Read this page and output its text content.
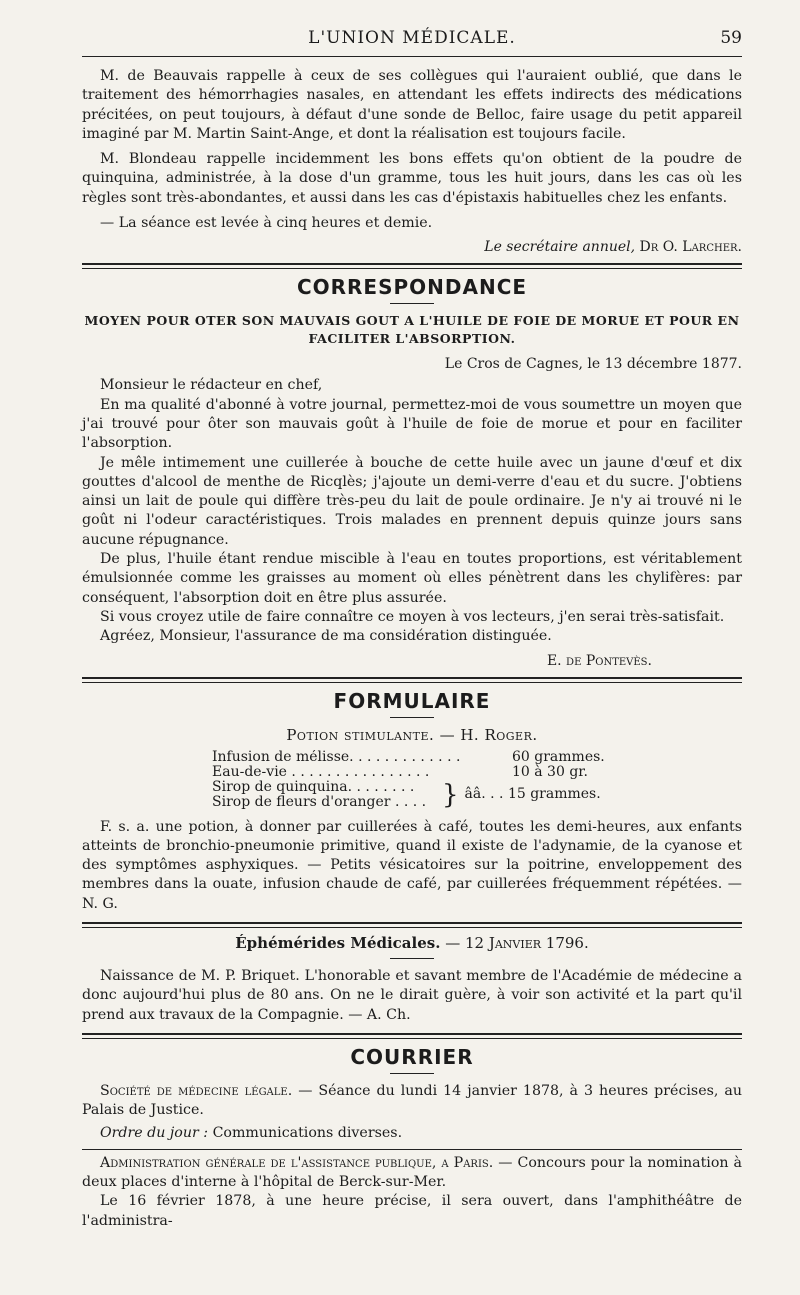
L'UNION MÉDICALE.	59

M. de Beauvais rappelle à ceux de ses collègues qui l'auraient oublié, que dans le traitement des hémorrhagies nasales, en attendant les effets indirects des médications précitées, on peut toujours, à défaut d'une sonde de Belloc, faire usage du petit appareil imaginé par M. Martin Saint-Ange, et dont la réalisation est toujours facile.

M. Blondeau rappelle incidemment les bons effets qu'on obtient de la poudre de quinquina, administrée, à la dose d'un gramme, tous les huit jours, dans les cas où les règles sont très-abondantes, et aussi dans les cas d'épistaxis habituelles chez les enfants.

— La séance est levée à cinq heures et demie.

Le secrétaire annuel, Dr O. Larcher.
CORRESPONDANCE
MOYEN POUR OTER SON MAUVAIS GOUT A L'HUILE DE FOIE DE MORUE ET POUR EN FACILITER L'ABSORPTION.
Le Cros de Cagnes, le 13 décembre 1877.

Monsieur le rédacteur en chef,

En ma qualité d'abonné à votre journal, permettez-moi de vous soumettre un moyen que j'ai trouvé pour ôter son mauvais goût à l'huile de foie de morue et pour en faciliter l'absorption.

Je mêle intimement une cuillerée à bouche de cette huile avec un jaune d'œuf et dix gouttes d'alcool de menthe de Ricqlès; j'ajoute un demi-verre d'eau et du sucre. J'obtiens ainsi un lait de poule qui diffère très-peu du lait de poule ordinaire. Je n'y ai trouvé ni le goût ni l'odeur caractéristiques. Trois malades en prennent depuis quinze jours sans aucune répugnance.

De plus, l'huile étant rendue miscible à l'eau en toutes proportions, est véritablement émulsionnée comme les graisses au moment où elles pénètrent dans les chylifères: par conséquent, l'absorption doit en être plus assurée.

Si vous croyez utile de faire connaître ce moyen à vos lecteurs, j'en serai très-satisfait.

Agréez, Monsieur, l'assurance de ma considération distinguée.

E. de Pontevès.
FORMULAIRE
Potion stimulante. — H. Roger.
Infusion de mélisse. . . . . . . . . . . . .	60 grammes.
Eau-de-vie . . . . . . . . . . . . . . . .	10 à 30 gr.
Sirop de quinquina. . . . . . . .
Sirop de fleurs d'oranger . . . . } ââ. . . 15 grammes.

F. s. a. une potion, à donner par cuillerées à café, toutes les demi-heures, aux enfants atteints de bronchio-pneumonie primitive, quand il existe de l'adynamie, de la cyanose et des symptômes asphyxiques. — Petits vésicatoires sur la poitrine, enveloppement des membres dans la ouate, infusion chaude de café, par cuillerées fréquemment répétées. — N. G.

Éphémérides Médicales. — 12 Janvier 1796.

Naissance de M. P. Briquet. L'honorable et savant membre de l'Académie de médecine a donc aujourd'hui plus de 80 ans. On ne le dirait guère, à voir son activité et la part qu'il prend aux travaux de la Compagnie. — A. Ch.

COURRIER

Société de médecine légale. — Séance du lundi 14 janvier 1878, à 3 heures précises, au Palais de Justice.

Ordre du jour : Communications diverses.

Administration générale de l'assistance publique, a Paris. — Concours pour la nomination à deux places d'interne à l'hôpital de Berck-sur-Mer.

Le 16 février 1878, à une heure précise, il sera ouvert, dans l'amphithéâtre de l'administra-
